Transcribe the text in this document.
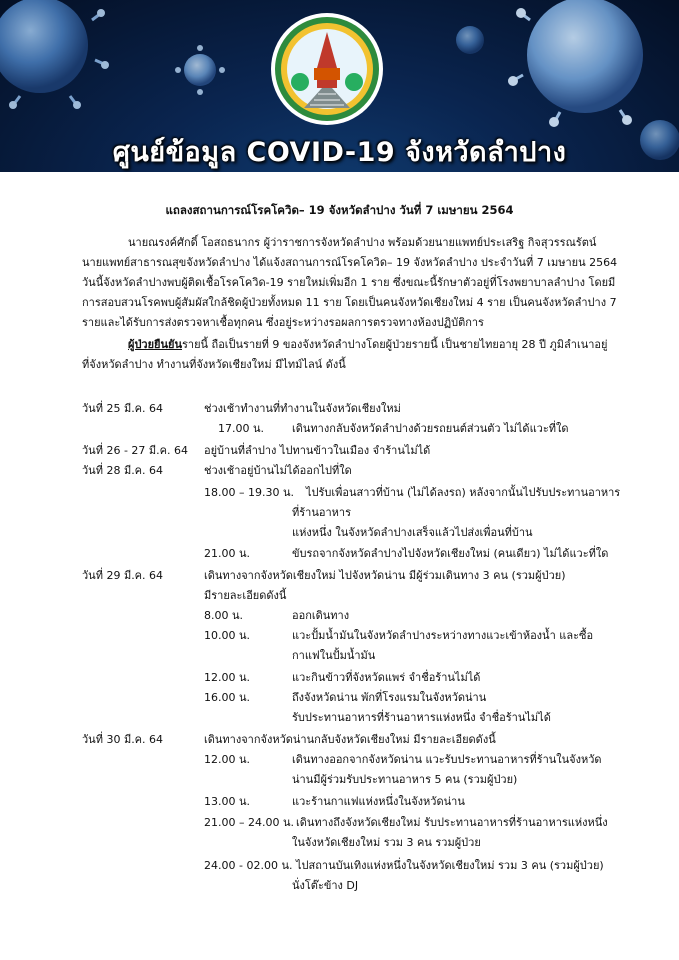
ศูนย์ข้อมูล COVID-19 จังหวัดลำปาง
แถลงสถานการณ์โรคโควิด– 19 จังหวัดลำปาง วันที่ 7 เมษายน 2564
นายณรงค์ศักดิ์ โอสถธนากร ผู้ว่าราชการจังหวัดลำปาง พร้อมด้วยนายแพทย์ประเสริฐ กิจสุวรรณรัตน์
นายแพทย์สาธารณสุขจังหวัดลำปาง ได้แจ้งสถานการณ์โรคโควิด– 19 จังหวัดลำปาง ประจำวันที่ 7 เมษายน 2564
วันนี้จังหวัดลำปางพบผู้ติดเชื้อโรคโควิด-19 รายใหม่เพิ่มอีก 1 ราย ซึ่งขณะนี้รักษาตัวอยู่ที่โรงพยาบาลลำปาง โดยมี
การสอบสวนโรคพบผู้สัมผัสใกล้ชิดผู้ป่วยทั้งหมด 11 ราย โดยเป็นคนจังหวัดเชียงใหม่ 4 ราย เป็นคนจังหวัดลำปาง 7
รายและได้รับการส่งตรวจหาเชื้อทุกคน ซึ่งอยู่ระหว่างรอผลการตรวจทางห้องปฏิบัติการ
ผู้ป่วยยืนยันรายนี้ ถือเป็นรายที่ 9 ของจังหวัดลำปางโดยผู้ป่วยรายนี้ เป็นชายไทยอายุ 28 ปี ภูมิลำเนาอยู่
ที่จังหวัดลำปาง ทำงานที่จังหวัดเชียงใหม่ มีไทม์ไลน์ ดังนี้
วันที่ 25 มี.ค. 64	ช่วงเช้าทำงานที่ทำงานในจังหวัดเชียงใหม่
17.00 น.	เดินทางกลับจังหวัดลำปางด้วยรถยนต์ส่วนตัว ไม่ได้แวะที่ใด
วันที่ 26 - 27 มี.ค. 64 อยู่บ้านที่ลำปาง ไปทานข้าวในเมือง จำร้านไม่ได้
วันที่ 28 มี.ค. 64	ช่วงเช้าอยู่บ้านไม่ได้ออกไปที่ใด
18.00 – 19.30 น. ไปรับเพื่อนสาวที่บ้าน (ไม่ได้ลงรถ) หลังจากนั้นไปรับประทานอาหาร
ที่ร้านอาหาร
แห่งหนึ่ง ในจังหวัดลำปางเสร็จแล้วไปส่งเพื่อนที่บ้าน
21.00 น.	ขับรถจากจังหวัดลำปางไปจังหวัดเชียงใหม่ (คนเดียว) ไม่ได้แวะที่ใด
วันที่ 29 มี.ค. 64	เดินทางจากจังหวัดเชียงใหม่ ไปจังหวัดน่าน มีผู้ร่วมเดินทาง 3 คน (รวมผู้ป่วย)
มีรายละเอียดดังนี้
8.00 น.	ออกเดินทาง
10.00 น.	แวะปั้มน้ำมันในจังหวัดลำปางระหว่างทางแวะเข้าห้องน้ำ และซื้อ
กาแฟในปั้มน้ำมัน
12.00 น.	แวะกินข้าวที่จังหวัดแพร่ จำชื่อร้านไม่ได้
16.00 น.	ถึงจังหวัดน่าน พักที่โรงแรมในจังหวัดน่าน
รับประทานอาหารที่ร้านอาหารแห่งหนึ่ง จำชื่อร้านไม่ได้
วันที่ 30 มี.ค. 64	เดินทางจากจังหวัดน่านกลับจังหวัดเชียงใหม่ มีรายละเอียดดังนี้
12.00 น.	เดินทางออกจากจังหวัดน่าน แวะรับประทานอาหารที่ร้านในจังหวัด
น่านมีผู้ร่วมรับประทานอาหาร 5 คน (รวมผู้ป่วย)
13.00 น.	แวะร้านกาแฟแห่งหนึ่งในจังหวัดน่าน
21.00 – 24.00 น. เดินทางถึงจังหวัดเชียงใหม่ รับประทานอาหารที่ร้านอาหารแห่งหนึ่ง
ในจังหวัดเชียงใหม่ รวม 3 คน รวมผู้ป่วย
24.00 - 02.00 น. ไปสถานบันเทิงแห่งหนึ่งในจังหวัดเชียงใหม่ รวม 3 คน (รวมผู้ป่วย)
นั่งโต๊ะข้าง DJ
